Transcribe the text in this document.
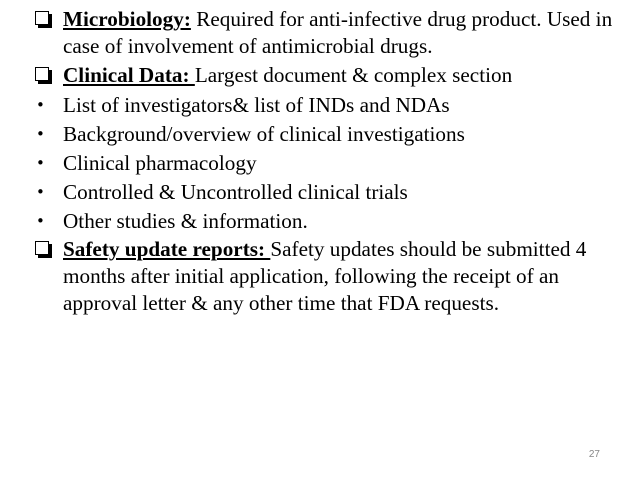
Microbiology: Required for anti-infective drug product. Used in case of involvement of antimicrobial drugs.

Clinical Data: Largest document & complex section

• List of investigators& list of INDs and NDAs
• Background/overview of clinical investigations
• Clinical pharmacology
• Controlled & Uncontrolled clinical trials
• Other studies & information.

Safety update reports: Safety updates should be submitted 4 months after initial application, following the receipt of an approval letter & any other time that FDA requests.

27
